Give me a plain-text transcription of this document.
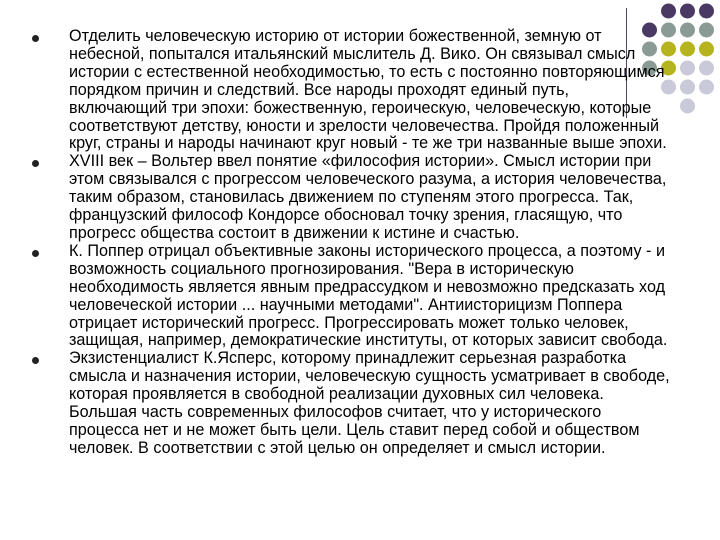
Отделить человеческую историю от истории божественной, земную от небесной, попытался итальянский мыслитель Д. Вико. Он связывал смысл истории с естественной необходимостью, то есть с постоянно повторяющимся порядком причин и следствий. Все народы проходят единый путь, включающий три эпохи: божественную, героическую, человеческую, которые соответствуют детству, юности и зрелости человечества. Пройдя положенный круг, страны и народы начинают круг новый - те же три названные выше эпохи.
XVIII век – Вольтер ввел понятие «философия истории». Смысл истории при этом связывался с прогрессом человеческого разума, а история человечества, таким образом, становилась движением по ступеням этого прогресса. Так, французский философ Кондорсе обосновал точку зрения, гласящую, что прогресс общества состоит в движении к истине и счастью.
К. Поппер отрицал объективные законы исторического процесса, а поэтому - и возможность социального прогнозирования. "Вера в историческую необходимость является явным предрассудком и невозможно предсказать ход человеческой истории ... научными методами". Антиисторицизм Поппера отрицает исторический прогресс. Прогрессировать может только человек, защищая, например, демократические институты, от которых зависит свобода.
Экзистенциалист К.Ясперс, которому принадлежит серьезная разработка смысла и назначения истории, человеческую сущность усматривает в свободе, которая проявляется в свободной реализации духовных сил человека. Большая часть современных философов считает, что у исторического процесса нет и не может быть цели. Цель ставит перед собой и обществом человек. В соответствии с этой целью он определяет и смысл истории.
